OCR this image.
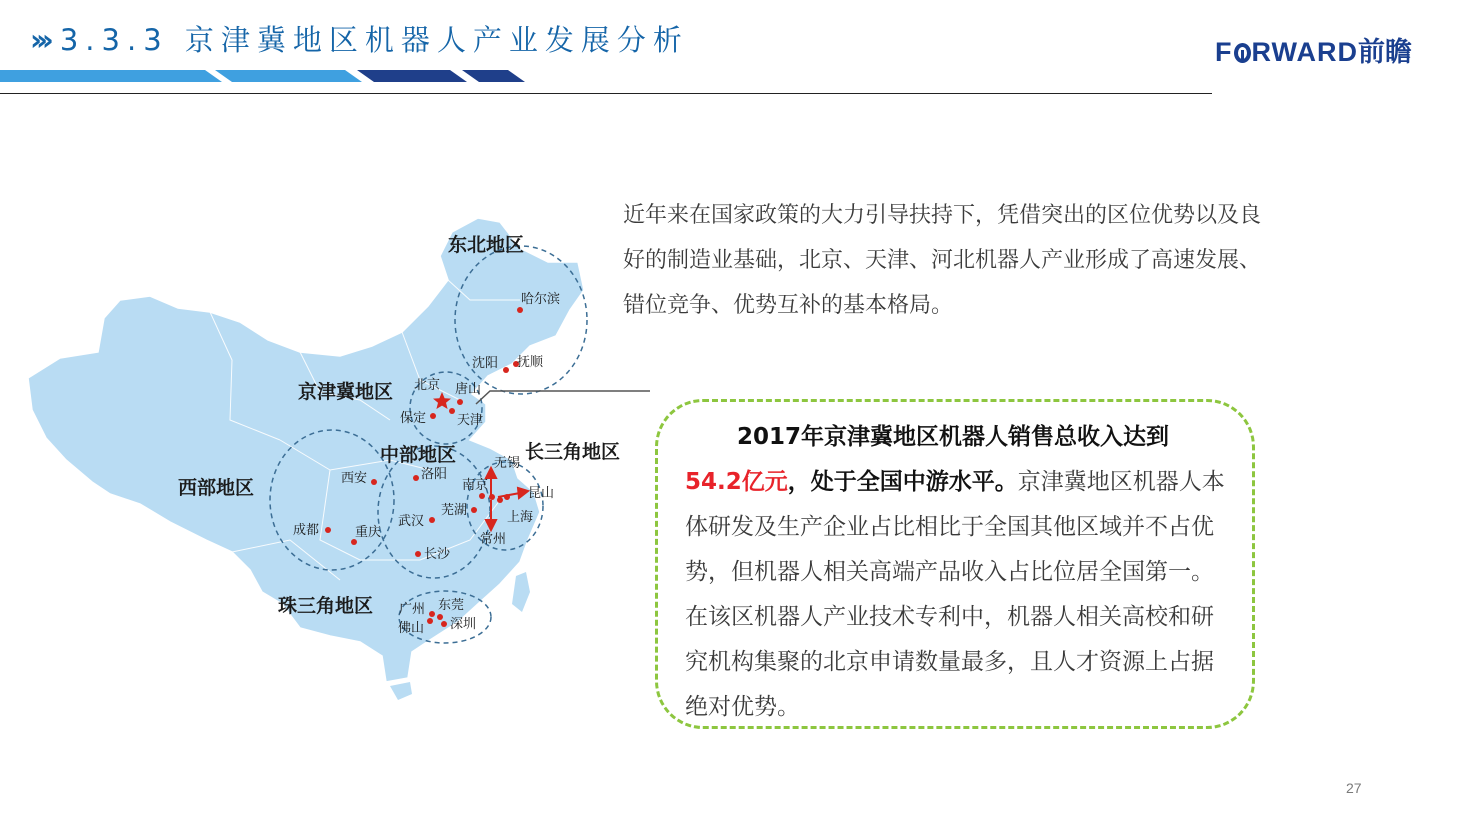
››› 3.3.3 京津冀地区机器人产业发展分析	F RWARD前瞻
东北地区
京津冀地区
中部地区	长三角地区
西部地区
珠三角地区
哈尔滨
沈阳 抚顺
北京 唐山
保定 天津
西安	洛阳
无锡
南京
昆山
芜湖	上海
武汉
常州
成都	重庆
长沙
广州 东莞
佛山 深圳
近年来在国家政策的大力引导扶持下，凭借突出的区位优势以及良好的制造业基础，北京、天津、河北机器人产业形成了高速发展、错位竞争、优势互补的基本格局。
2017年京津冀地区机器人销售总收入达到
54.2亿元，处于全国中游水平。京津冀地区机器人本体研发及生产企业占比相比于全国其他区域并不占优势，但机器人相关高端产品收入占比位居全国第一。在该区机器人产业技术专利中，机器人相关高校和研究机构集聚的北京申请数量最多，且人才资源上占据绝对优势。
27
